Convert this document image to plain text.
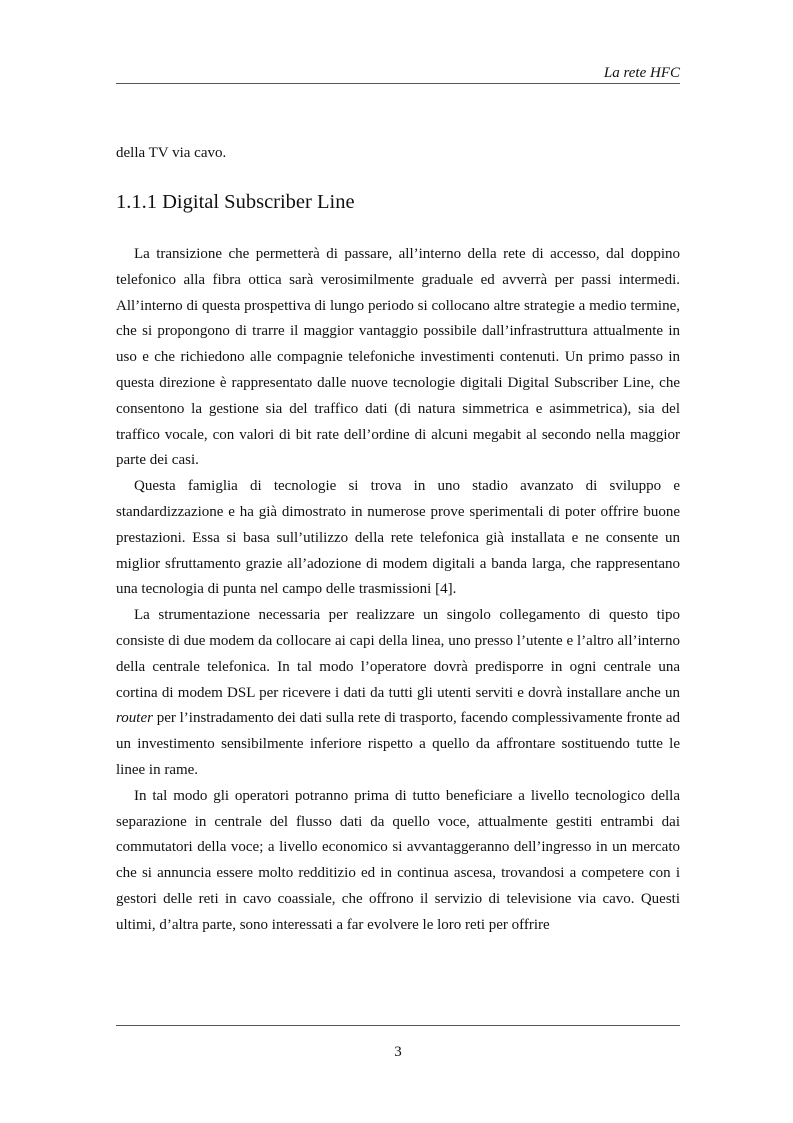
La rete HFC

della TV via cavo.

1.1.1 Digital Subscriber Line

La transizione che permetterà di passare, all’interno della rete di accesso, dal doppino telefonico alla fibra ottica sarà verosimilmente graduale ed avverrà per passi intermedi. All’interno di questa prospettiva di lungo periodo si collocano altre strategie a medio termine, che si propongono di trarre il maggior vantaggio possibile dall’infrastruttura attualmente in uso e che richiedono alle compagnie telefoniche investimenti contenuti. Un primo passo in questa direzione è rappresentato dalle nuove tecnologie digitali Digital Subscriber Line, che consentono la gestione sia del traffico dati (di natura simmetrica e asimmetrica), sia del traffico vocale, con valori di bit rate dell’ordine di alcuni megabit al secondo nella maggior parte dei casi.

Questa famiglia di tecnologie si trova in uno stadio avanzato di sviluppo e standardizzazione e ha già dimostrato in numerose prove sperimentali di poter offrire buone prestazioni. Essa si basa sull’utilizzo della rete telefonica già installata e ne consente un miglior sfruttamento grazie all’adozione di modem digitali a banda larga, che rappresentano una tecnologia di punta nel campo delle trasmissioni [4].

La strumentazione necessaria per realizzare un singolo collegamento di questo tipo consiste di due modem da collocare ai capi della linea, uno presso l’utente e l’altro all’interno della centrale telefonica. In tal modo l’operatore dovrà predisporre in ogni centrale una cortina di modem DSL per ricevere i dati da tutti gli utenti serviti e dovrà installare anche un router per l’instradamento dei dati sulla rete di trasporto, facendo complessivamente fronte ad un investimento sensibilmente inferiore rispetto a quello da affrontare sostituendo tutte le linee in rame.

In tal modo gli operatori potranno prima di tutto beneficiare a livello tecnologico della separazione in centrale del flusso dati da quello voce, attualmente gestiti entrambi dai commutatori della voce; a livello economico si avvantaggeranno dell’ingresso in un mercato che si annuncia essere molto redditizio ed in continua ascesa, trovandosi a competere con i gestori delle reti in cavo coassiale, che offrono il servizio di televisione via cavo. Questi ultimi, d’altra parte, sono interessati a far evolvere le loro reti per offrire

3
